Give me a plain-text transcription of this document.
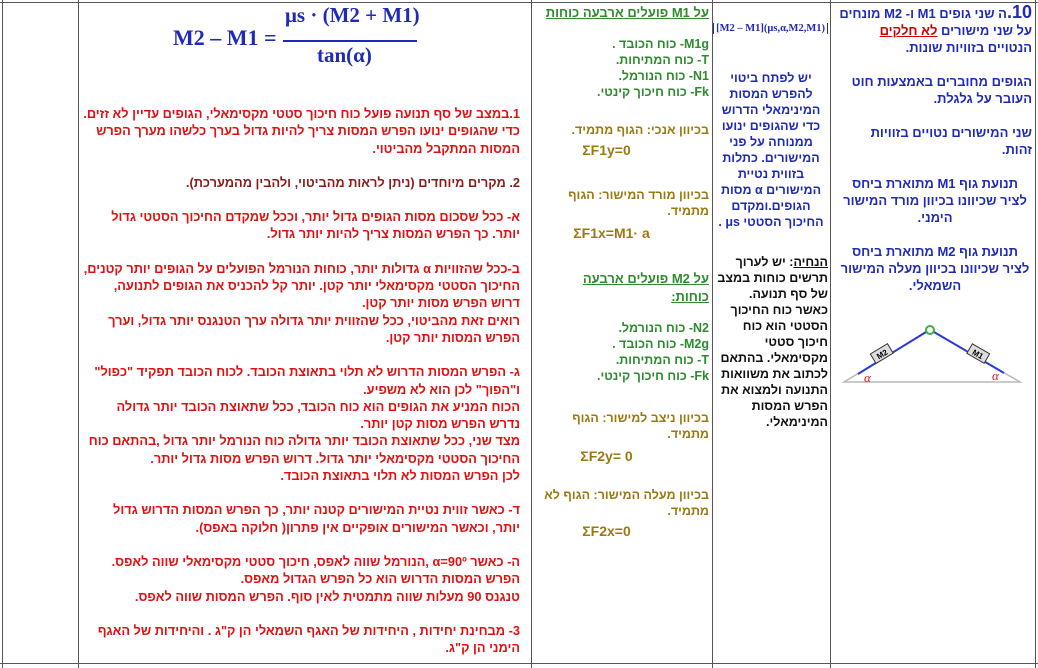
10.ה שני גופים M1 ו- M2 מונחים על שני מישורים לא חלקים הנטויים בזוויות שונות.

הגופים מחוברים באמצעות חוט העובר על גלגלת.

שני המישורים נטויים בזוויות זהות.

תנועת גוף M1 מתוארת ביחס לציר שכיוונו בכיוון מורד המישור הימני.

תנועת גוף M2 מתוארת ביחס לציר שכיוונו בכיוון מעלה המישור השמאלי.

M2	M1
α	α
[M2 – M1](μs,α,M2,M1)
יש לפתח ביטוי להפרש המסות המינימאלי הדרוש כדי שהגופים ינועו ממנוחה על פני המישורים. כתלות בזווית נטיית המישורים α מסות הגופים.ומקדם החיכוך הסטטי μs .
הנחיה: יש לערוך תרשים כוחות במצב של סף תנועה. כאשר כוח החיכוך הסטטי הוא כוח חיכוך סטטי מקסימאלי. בהתאם לכתוב את משוואות התנועה ולמצוא את הפרש המסות המינימאלי.
על M1 פועלים ארבעה כוחות
M1g- כוח הכובד .
T- כוח המתיחות.
N1- כוח הנורמל.
Fk- כוח חיכוך קינטי.
בכיוון אנכי: הגוף מתמיד.
ΣF1y=0
בכיוון מורד המישור: הגוף מתמיד.
ΣF1x=M1· a
על M2 פועלים ארבעה כוחות:
N2- כוח הנורמל.
M2g- כוח הכובד .
T- כוח המתיחות.
Fk- כוח חיכוך קינטי.
בכיוון ניצב למישור: הגוף מתמיד.
ΣF2y= 0
בכיוון מעלה המישור: הגוף לא מתמיד.
ΣF2x=0
M2 – M1 =
μs · (M2 + M1)
tan(α)

1.במצב של סף תנועה פועל כוח חיכוך סטטי מקסימאלי, הגופים עדיין לא זזים.

כדי שהגופים ינועו הפרש המסות צריך להיות גדול בערך כלשהו מערך הפרש המסות המתקבל מהביטוי.

2. מקרים מיוחדים (ניתן לראות מהביטוי, ולהבין מהמערכת).

א- ככל שסכום מסות הגופים גדול יותר, וככל שמקדם החיכוך הסטטי גדול יותר. כך הפרש המסות צריך להיות יותר גדול.

ב-ככל שהזוויות α גדולות יותר, כוחות הנורמל הפועלים על הגופים יותר קטנים, החיכוך הסטטי מקסימאלי יותר קטן. יותר קל להכניס את הגופים לתנועה, דרוש הפרש מסות יותר קטן.

רואים זאת מהביטוי, ככל שהזווית יותר גדולה ערך הטנגנס יותר גדול, וערך הפרש המסות יותר קטן.

ג- הפרש המסות הדרוש לא תלוי בתאוצת הכובד. לכוח הכובד תפקיד "כפול" ו"הפוך" לכן הוא לא משפיע.

הכוח המניע את הגופים הוא כוח הכובד, ככל שתאוצת הכובד יותר גדולה נדרש הפרש מסות קטן יותר.

מצד שני, ככל שתאוצת הכובד יותר גדולה כוח הנורמל יותר גדול ,בהתאם כוח החיכוך הסטטי מקסימאלי יותר גדול. דרוש הפרש מסות גדול יותר.

לכן הפרש המסות לא תלוי בתאוצת הכובד.

ד- כאשר זווית נטיית המישורים קטנה יותר, כך הפרש המסות הדרוש גדול יותר, וכאשר המישורים אופקיים אין פתרון( חלוקה באפס).

ה- כאשר α=90º ,הנורמל שווה לאפס, חיכוך סטטי מקסימאלי שווה לאפס.

הפרש המסות הדרוש הוא כל הפרש הגדול מאפס.

טנגנס 90 מעלות שווה מתמטית לאין סוף. הפרש המסות שווה לאפס.

3- מבחינת יחידות , היחידות של האגף השמאלי הן ק"ג . והיחידות של האגף הימני הן ק"ג.
